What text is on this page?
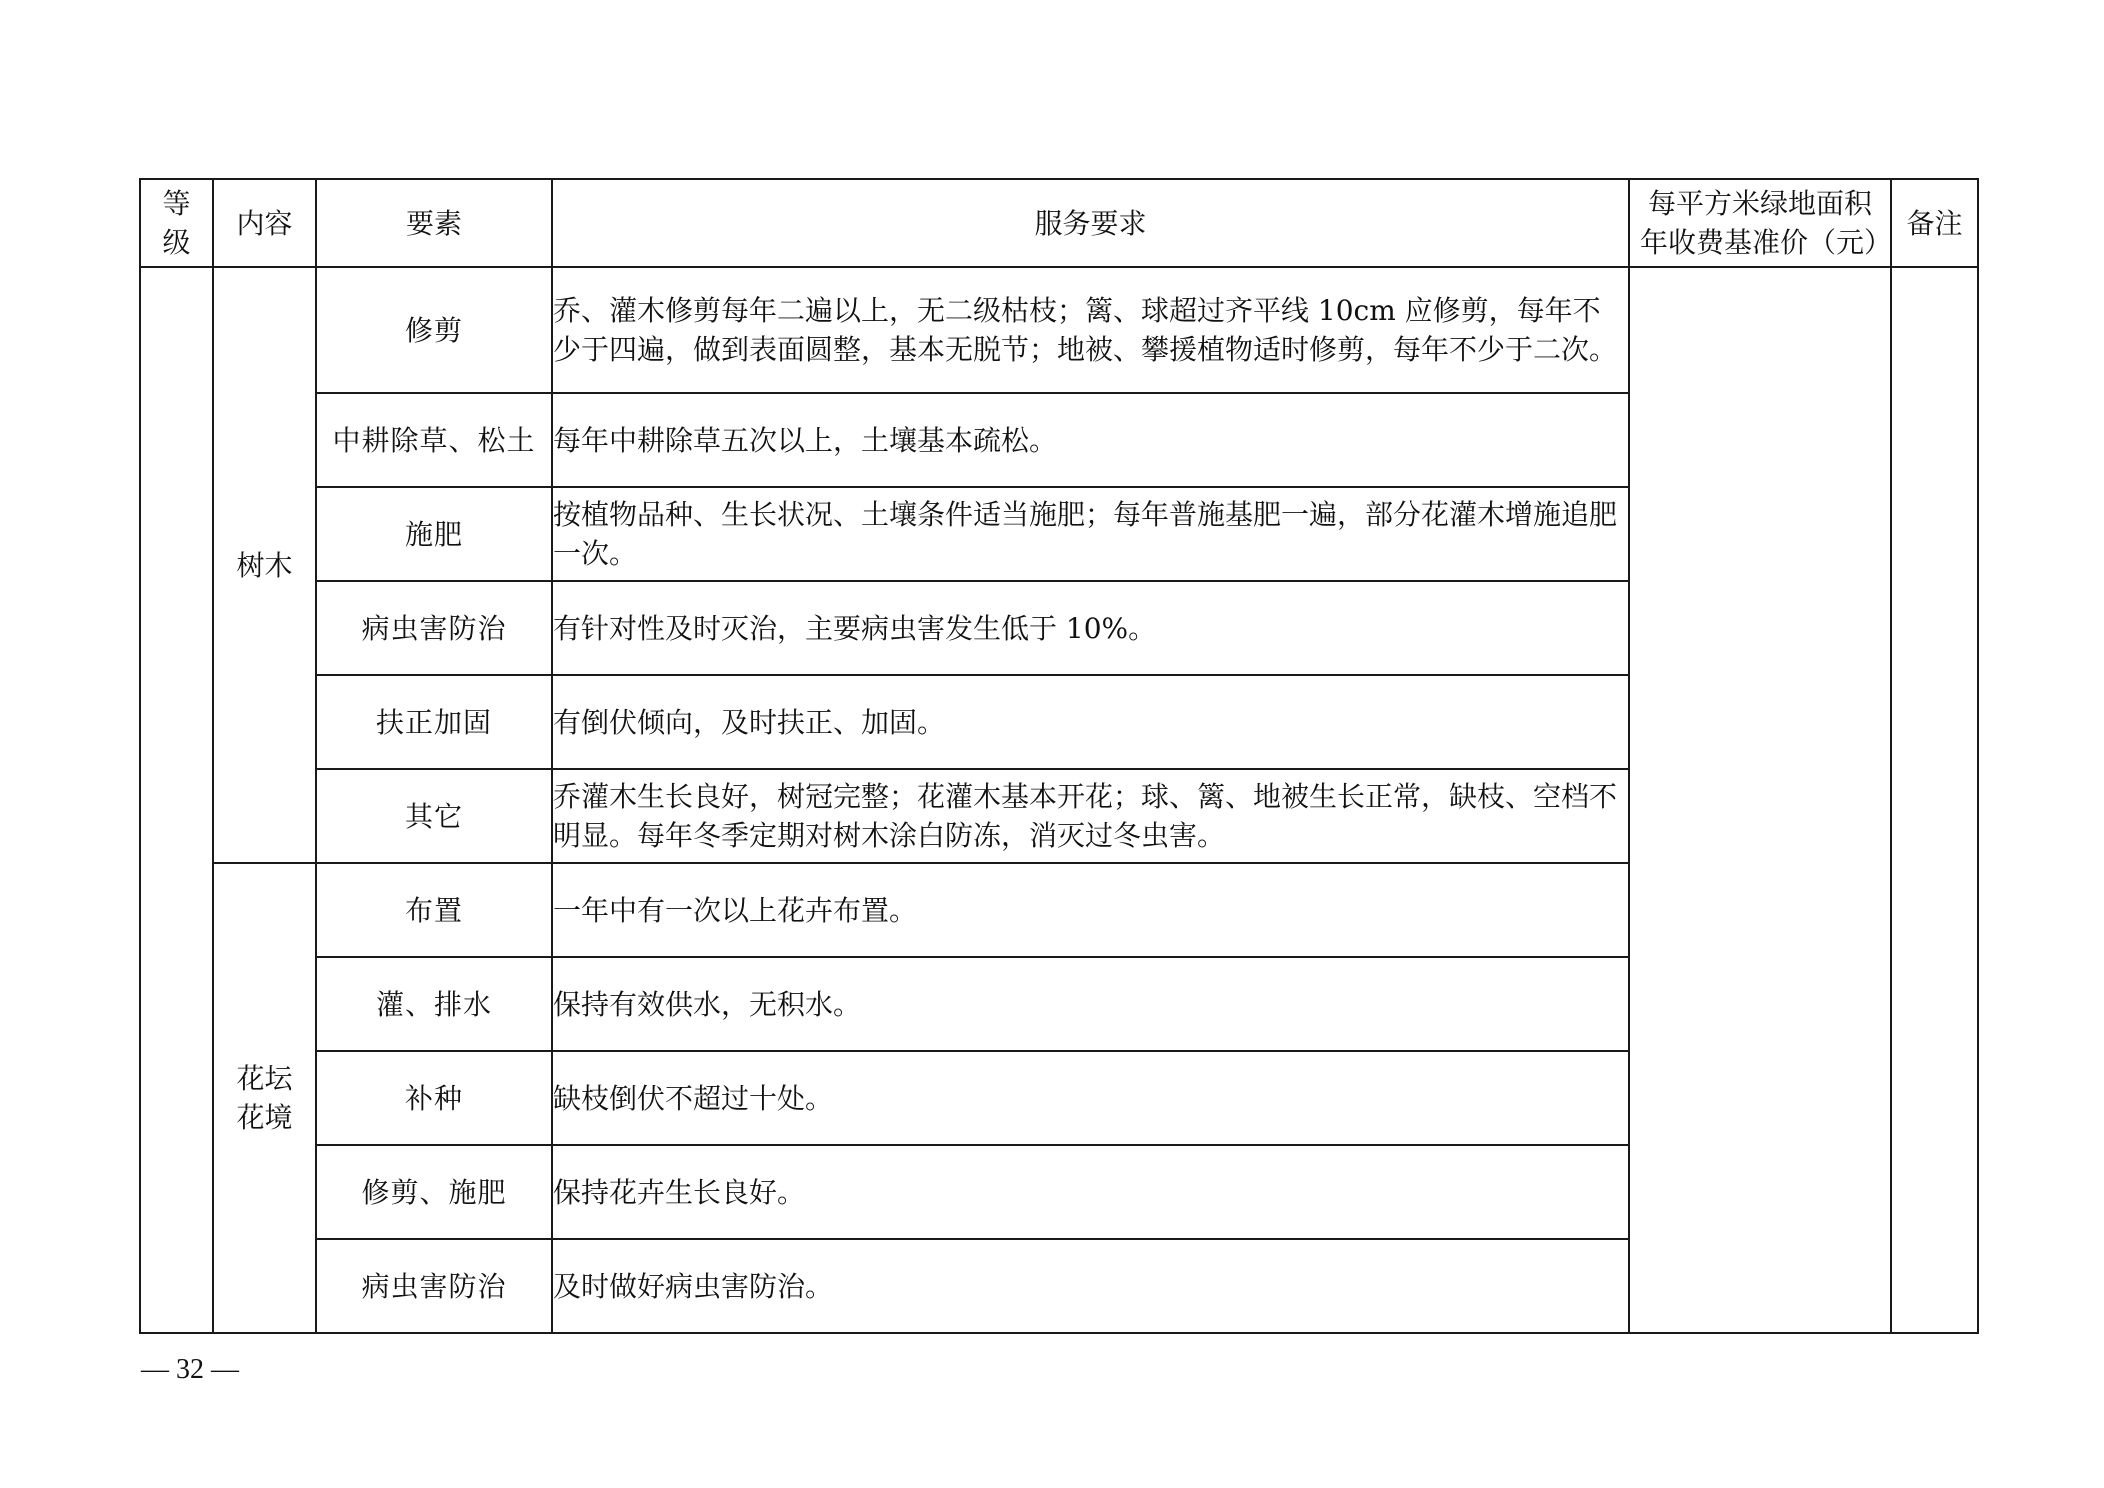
等级	内容	要素	服务要求	每平方米绿地面积年收费基准价（元）	备注
	树木	修剪	乔、灌木修剪每年二遍以上，无二级枯枝；篱、球超过齐平线 10cm 应修剪，每年不少于四遍，做到表面圆整，基本无脱节；地被、攀援植物适时修剪，每年不少于二次。		
		中耕除草、松土	每年中耕除草五次以上，土壤基本疏松。		
		施肥	按植物品种、生长状况、土壤条件适当施肥；每年普施基肥一遍，部分花灌木增施追肥一次。		
		病虫害防治	有针对性及时灭治，主要病虫害发生低于 10%。		
		扶正加固	有倒伏倾向，及时扶正、加固。		
		其它	乔灌木生长良好，树冠完整；花灌木基本开花；球、篱、地被生长正常，缺枝、空档不明显。每年冬季定期对树木涂白防冻，消灭过冬虫害。		
	花坛花境	布置	一年中有一次以上花卉布置。		
		灌、排水	保持有效供水，无积水。		
		补种	缺枝倒伏不超过十处。		
		修剪、施肥	保持花卉生长良好。		
		病虫害防治	及时做好病虫害防治。		
— 32 —
